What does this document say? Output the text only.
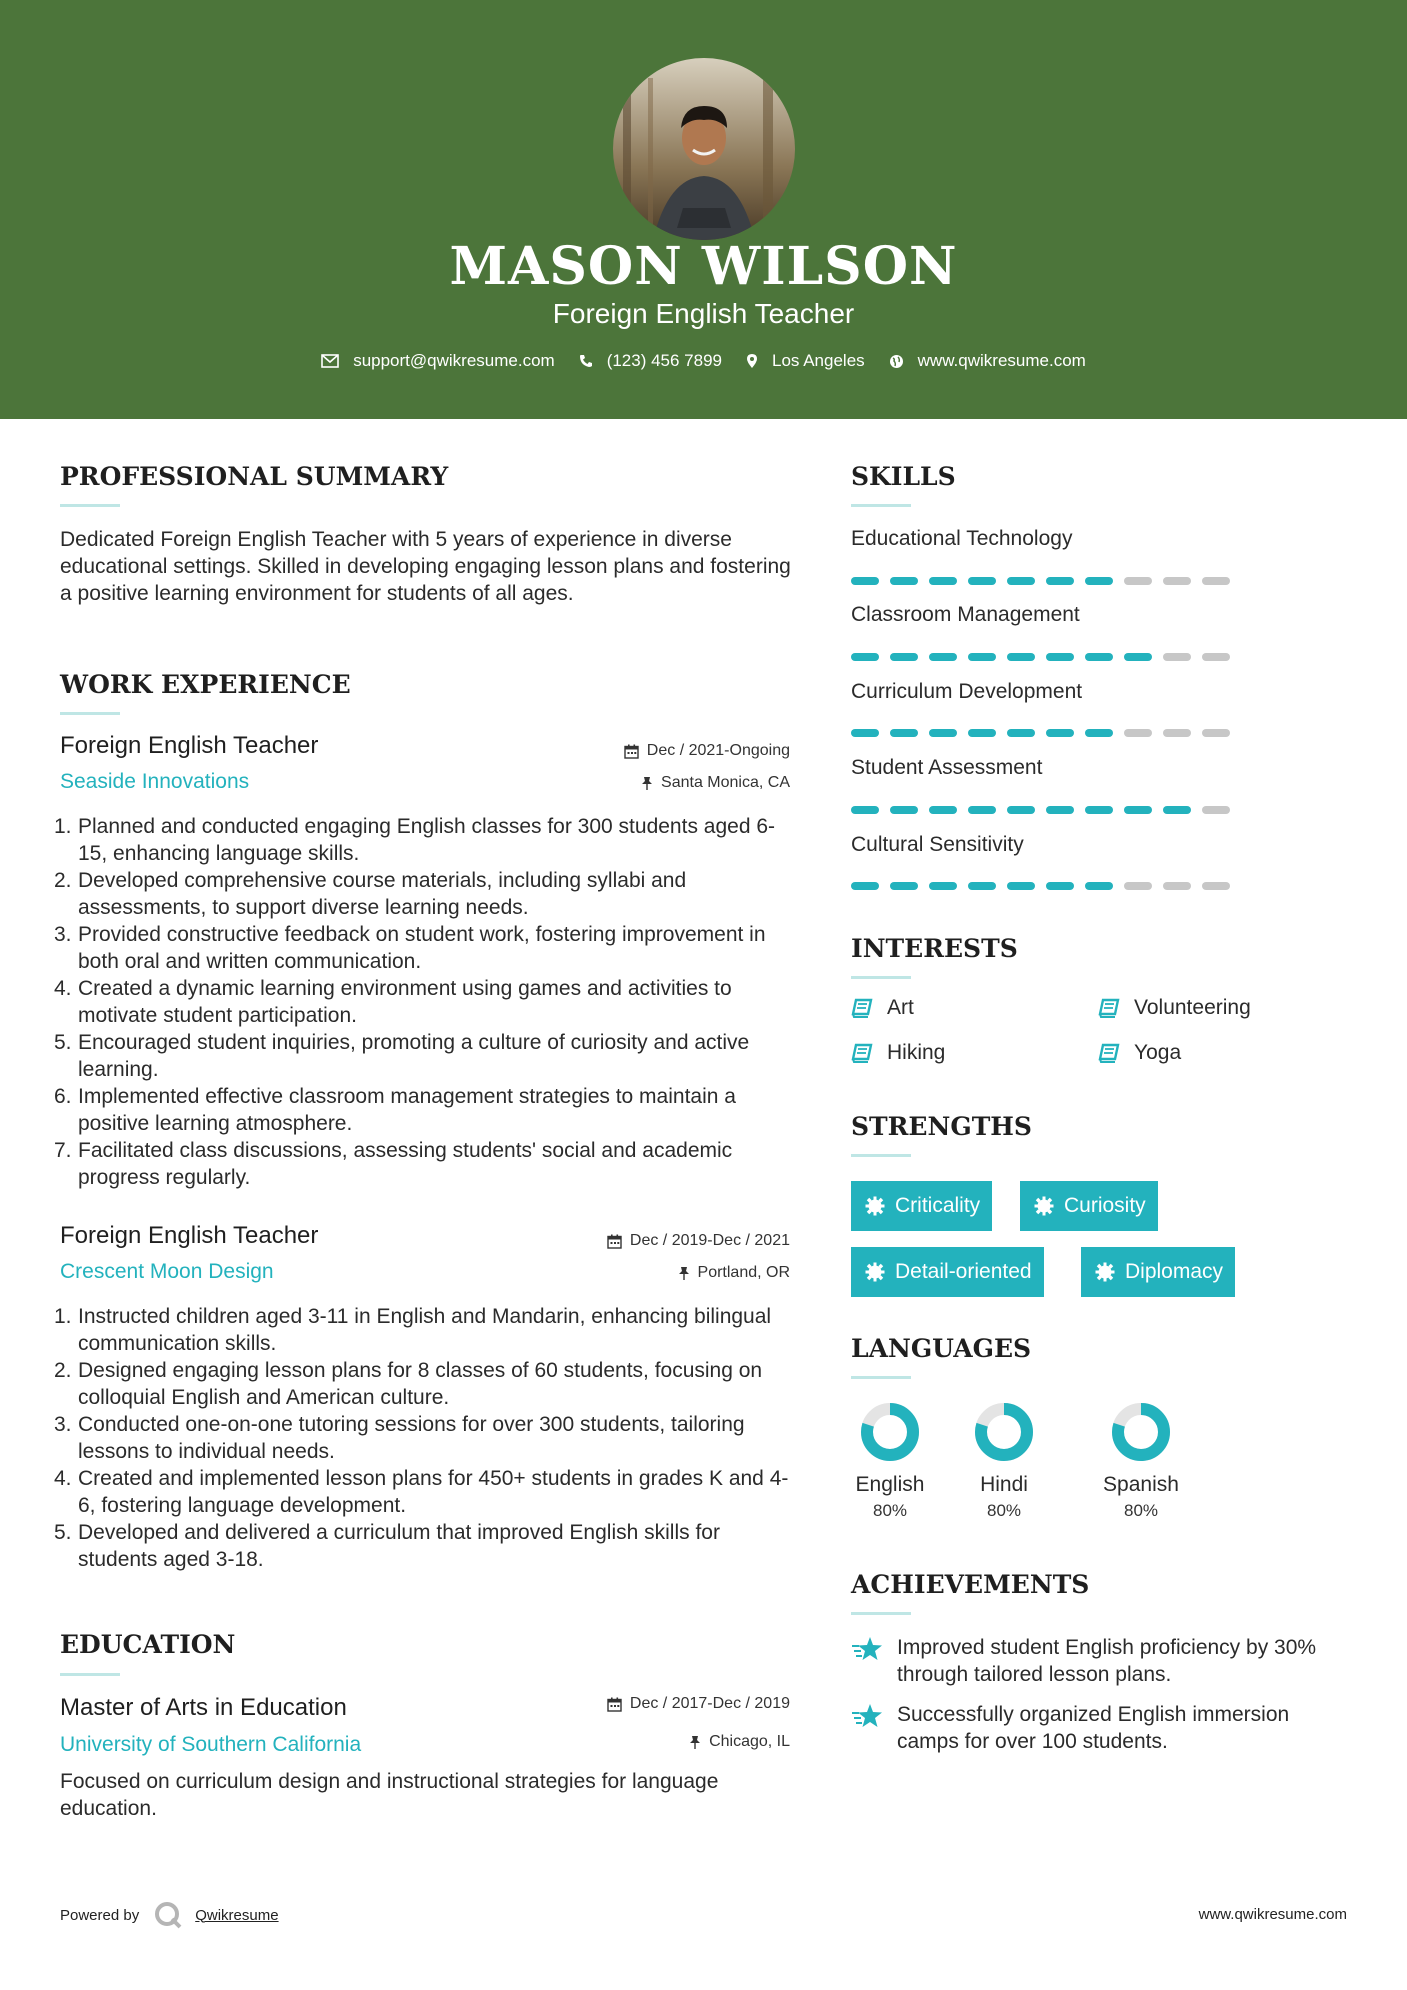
MASON WILSON
Foreign English Teacher
support@qwikresume.com	(123) 456 7899	Los Angeles	www.qwikresume.com
PROFESSIONAL SUMMARY
Dedicated Foreign English Teacher with 5 years of experience in diverse educational settings. Skilled in developing engaging lesson plans and fostering a positive learning environment for students of all ages.
WORK EXPERIENCE
Foreign English Teacher
Seaside Innovations
Dec / 2021-Ongoing
Santa Monica, CA
1. Planned and conducted engaging English classes for 300 students aged 6-15, enhancing language skills.
2. Developed comprehensive course materials, including syllabi and assessments, to support diverse learning needs.
3. Provided constructive feedback on student work, fostering improvement in both oral and written communication.
4. Created a dynamic learning environment using games and activities to motivate student participation.
5. Encouraged student inquiries, promoting a culture of curiosity and active learning.
6. Implemented effective classroom management strategies to maintain a positive learning atmosphere.
7. Facilitated class discussions, assessing students' social and academic progress regularly.
Foreign English Teacher
Crescent Moon Design
Dec / 2019-Dec / 2021
Portland, OR
1. Instructed children aged 3-11 in English and Mandarin, enhancing bilingual communication skills.
2. Designed engaging lesson plans for 8 classes of 60 students, focusing on colloquial English and American culture.
3. Conducted one-on-one tutoring sessions for over 300 students, tailoring lessons to individual needs.
4. Created and implemented lesson plans for 450+ students in grades K and 4-6, fostering language development.
5. Developed and delivered a curriculum that improved English skills for students aged 3-18.
EDUCATION
Master of Arts in Education
University of Southern California
Dec / 2017-Dec / 2019
Chicago, IL
Focused on curriculum design and instructional strategies for language education.
SKILLS
Educational Technology
Classroom Management
Curriculum Development
Student Assessment
Cultural Sensitivity
INTERESTS
Art	Volunteering
Hiking	Yoga
STRENGTHS
Criticality	Curiosity
Detail-oriented	Diplomacy
LANGUAGES
English
80%
Hindi
80%
Spanish
80%
ACHIEVEMENTS
Improved student English proficiency by 30% through tailored lesson plans.
Successfully organized English immersion camps for over 100 students.
Powered by	Qwikresume	www.qwikresume.com
